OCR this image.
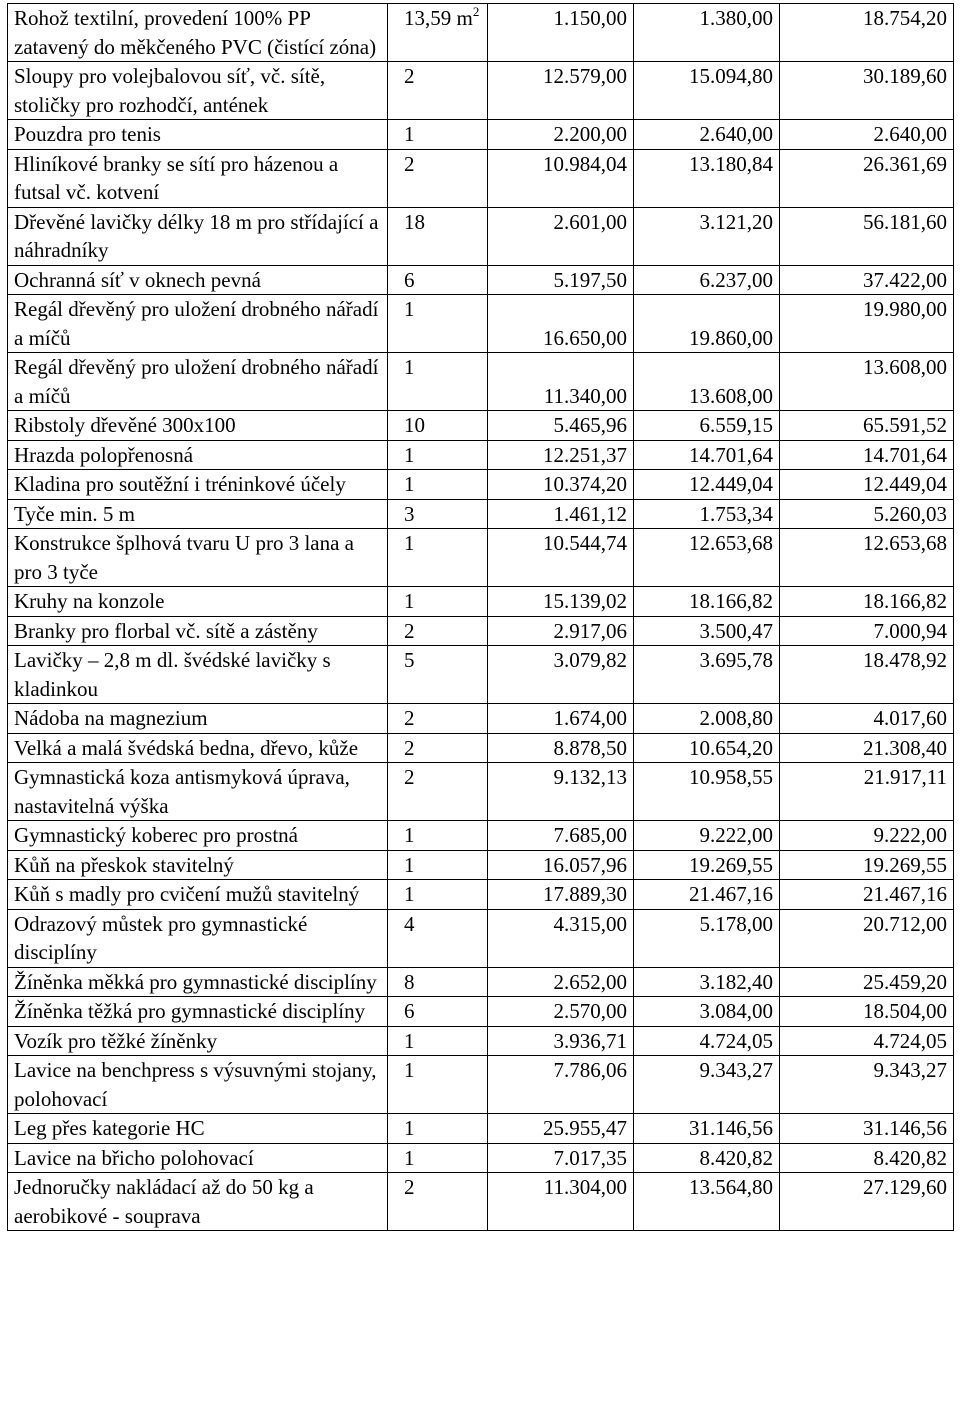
Rohož textilní, provedení 100% PP zatavený do měkčeného PVC (čistící zóna)	13,59 $m^2$	1.150,00	1.380,00	18.754,20
Sloupy pro volejbalovou síť, vč. sítě, stoličky pro rozhodčí, antének	2	12.579,00	15.094,80	30.189,60
Pouzdra pro tenis	1	2.200,00	2.640,00	2.640,00
Hliníkové branky se sítí pro házenou a futsal vč. kotvení	2	10.984,04	13.180,84	26.361,69
Dřevěné lavičky délky 18 m pro střídající a náhradníky	18	2.601,00	3.121,20	56.181,60
Ochranná síť v oknech pevná	6	5.197,50	6.237,00	37.422,00
Regál dřevěný pro uložení drobného nářadí a míčů	1	16.650,00	19.860,00	19.980,00
Regál dřevěný pro uložení drobného nářadí a míčů	1	11.340,00	13.608,00	13.608,00
Ribstoly dřevěné 300x100	10	5.465,96	6.559,15	65.591,52
Hrazda polopřenosná	1	12.251,37	14.701,64	14.701,64
Kladina pro soutěžní i tréninkové účely	1	10.374,20	12.449,04	12.449,04
Tyče min. 5 m	3	1.461,12	1.753,34	5.260,03
Konstrukce šplhová tvaru U pro 3 lana a pro 3 tyče	1	10.544,74	12.653,68	12.653,68
Kruhy na konzole	1	15.139,02	18.166,82	18.166,82
Branky pro florbal vč. sítě a zástěny	2	2.917,06	3.500,47	7.000,94
Lavičky – 2,8 m dl. švédské lavičky s kladinkou	5	3.079,82	3.695,78	18.478,92
Nádoba na magnezium	2	1.674,00	2.008,80	4.017,60
Velká a malá švédská bedna, dřevo, kůže	2	8.878,50	10.654,20	21.308,40
Gymnastická koza antismyková úprava, nastavitelná výška	2	9.132,13	10.958,55	21.917,11
Gymnastický koberec pro prostná	1	7.685,00	9.222,00	9.222,00
Kůň na přeskok stavitelný	1	16.057,96	19.269,55	19.269,55
Kůň s madly pro cvičení mužů stavitelný	1	17.889,30	21.467,16	21.467,16
Odrazový můstek pro gymnastické disciplíny	4	4.315,00	5.178,00	20.712,00
Žíněnka měkká pro gymnastické disciplíny	8	2.652,00	3.182,40	25.459,20
Žíněnka těžká pro gymnastické disciplíny	6	2.570,00	3.084,00	18.504,00
Vozík pro těžké žíněnky	1	3.936,71	4.724,05	4.724,05
Lavice na benchpress s výsuvnými stojany, polohovací	1	7.786,06	9.343,27	9.343,27
Leg přes kategorie HC	1	25.955,47	31.146,56	31.146,56
Lavice na břicho polohovací	1	7.017,35	8.420,82	8.420,82
Jednoručky nakládací až do 50 kg a aerobikové - souprava	2	11.304,00	13.564,80	27.129,60
